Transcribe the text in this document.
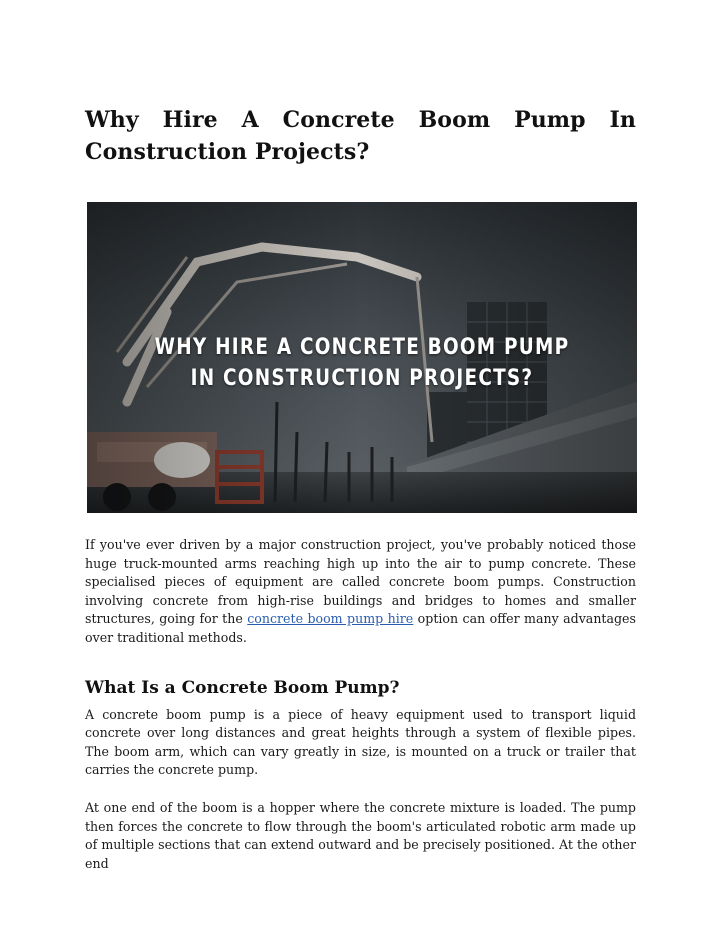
Why Hire A Concrete Boom Pump In Construction Projects?
WHY HIRE A CONCRETE BOOM PUMP
IN CONSTRUCTION PROJECTS?

If you've ever driven by a major construction project, you've probably noticed those huge truck-mounted arms reaching high up into the air to pump concrete. These specialised pieces of equipment are called concrete boom pumps. Construction involving concrete from high-rise buildings and bridges to homes and smaller structures, going for the concrete boom pump hire option can offer many advantages over traditional methods.

What Is a Concrete Boom Pump?

A concrete boom pump is a piece of heavy equipment used to transport liquid concrete over long distances and great heights through a system of flexible pipes. The boom arm, which can vary greatly in size, is mounted on a truck or trailer that carries the concrete pump.

At one end of the boom is a hopper where the concrete mixture is loaded. The pump then forces the concrete to flow through the boom's articulated robotic arm made up of multiple sections that can extend outward and be precisely positioned. At the other end
